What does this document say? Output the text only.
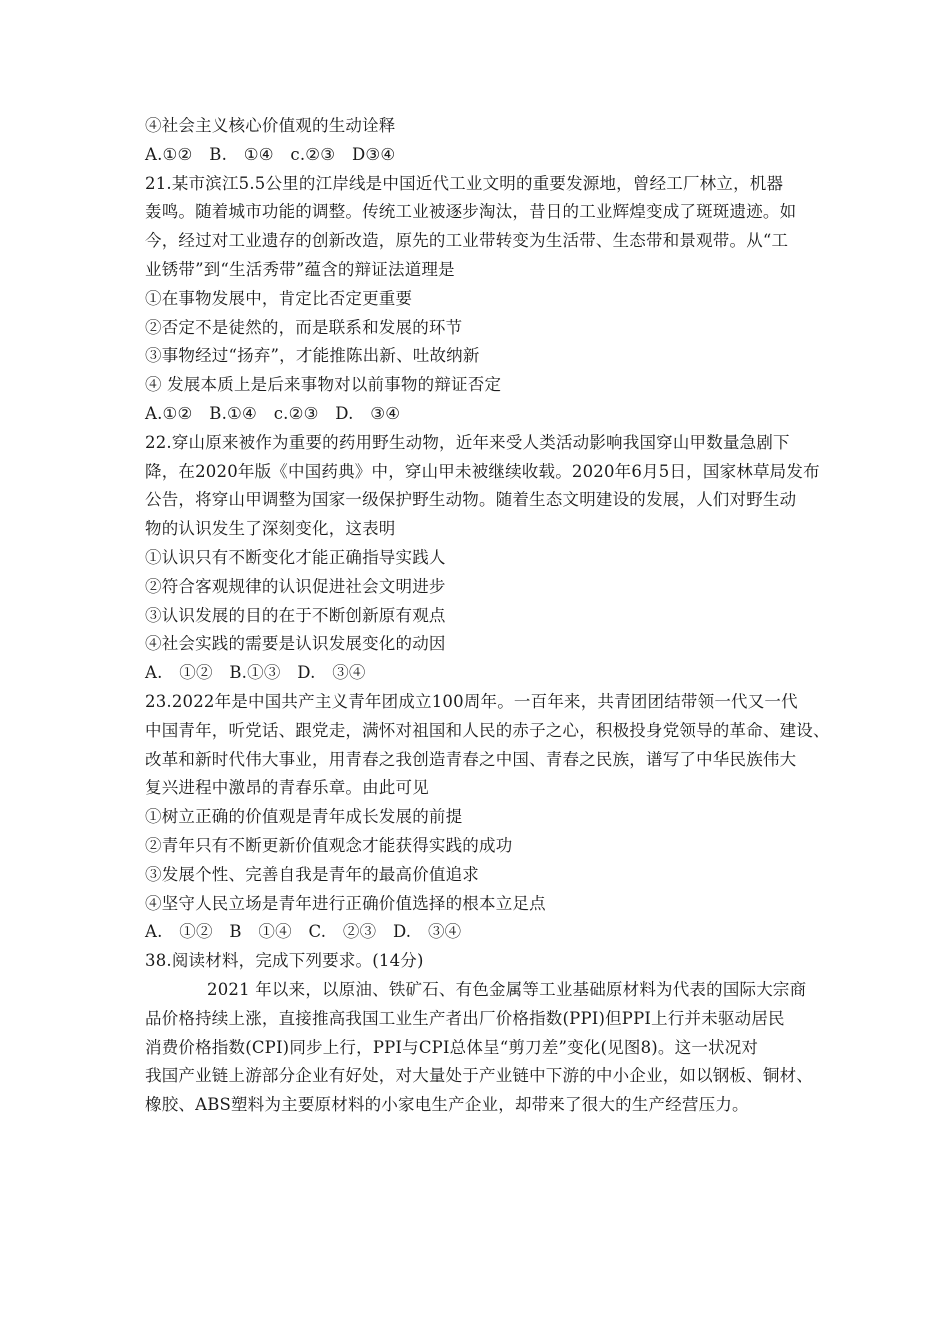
④社会主义核心价值观的生动诠释
A.①②　B.　①④　c.②③　D③④
21.某市滨江5.5公里的江岸线是中国近代工业文明的重要发源地，曾经工厂林立，机器
轰鸣。随着城市功能的调整。传统工业被逐步淘汰，昔日的工业辉煌变成了斑斑遗迹。如
今，经过对工业遗存的创新改造，原先的工业带转变为生活带、生态带和景观带。从“工
业锈带”到“生活秀带”蕴含的辩证法道理是
①在事物发展中，肯定比否定更重要
②否定不是徒然的，而是联系和发展的环节
③事物经过“扬弃”，才能推陈出新、吐故纳新
④ 发展本质上是后来事物对以前事物的辩证否定
A.①②　B.①④　c.②③　D.　③④
22.穿山原来被作为重要的药用野生动物，近年来受人类活动影响我国穿山甲数量急剧下
降，在2020年版《中国药典》中，穿山甲未被继续收载。2020年6月5日，国家林草局发布
公告，将穿山甲调整为国家一级保护野生动物。随着生态文明建设的发展，人们对野生动
物的认识发生了深刻变化，这表明
①认识只有不断变化才能正确指导实践人
②符合客观规律的认识促进社会文明进步
③认识发展的目的在于不断创新原有观点
④社会实践的需要是认识发展变化的动因
A.　①②　B.①③　D.　③④
23.2022年是中国共产主义青年团成立100周年。一百年来，共青团团结带领一代又一代
中国青年，听党话、跟党走，满怀对祖国和人民的赤子之心，积极投身党领导的革命、建设、
改革和新时代伟大事业，用青春之我创造青春之中国、青春之民族，谱写了中华民族伟大
复兴进程中激昂的青春乐章。由此可见
①树立正确的价值观是青年成长发展的前提
②青年只有不断更新价值观念才能获得实践的成功
③发展个性、完善自我是青年的最高价值追求
④坚守人民立场是青年进行正确价值选择的根本立足点
A.　①②　B　①④　C.　②③　D.　③④
38.阅读材料，完成下列要求。(14分)
2021 年以来，以原油、铁矿石、有色金属等工业基础原材料为代表的国际大宗商
品价格持续上涨，直接推高我国工业生产者出厂价格指数(PPI)但PPI上行并未驱动居民
消费价格指数(CPI)同步上行，PPI与CPI总体呈“剪刀差”变化(见图8)。这一状况对
我国产业链上游部分企业有好处，对大量处于产业链中下游的中小企业，如以钢板、铜材、
橡胶、ABS塑料为主要原材料的小家电生产企业，却带来了很大的生产经营压力。
